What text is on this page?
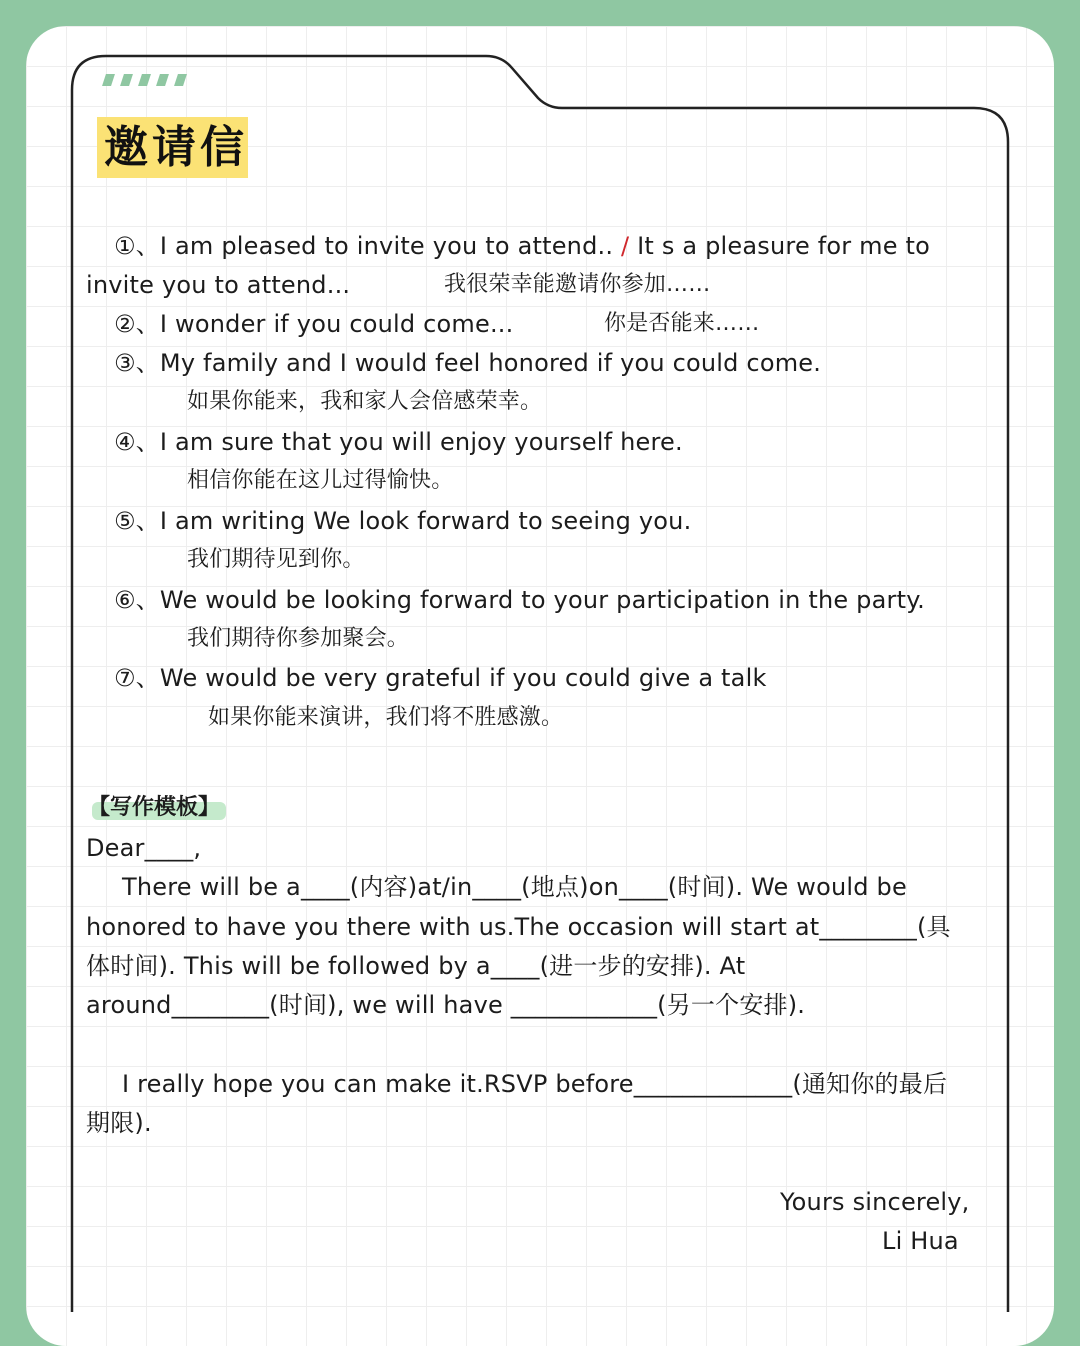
邀请信
①、I am pleased to invite you to attend.. / It s a pleasure for me to
invite you to attend...	我很荣幸能邀请你参加……
②、I wonder if you could come...	你是否能来……
③、My family and I would feel honored if you could come.
如果你能来，我和家人会倍感荣幸。
④、I am sure that you will enjoy yourself here.
相信你能在这儿过得愉快。
⑤、I am writing We look forward to seeing you.
我们期待见到你。
⑥、We would be looking forward to your participation in the party.
我们期待你参加聚会。
⑦、We would be very grateful if you could give a talk
如果你能来演讲，我们将不胜感激。
【写作模板】
Dear____,
There will be a____(内容)at/in____(地点)on____(时间). We would be
honored to have you there with us.The occasion will start at________(具
体时间). This will be followed by a____(进一步的安排). At
around________(时间), we will have ____________(另一个安排).
I really hope you can make it.RSVP before_____________(通知你的最后
期限).
Yours sincerely,
Li Hua
